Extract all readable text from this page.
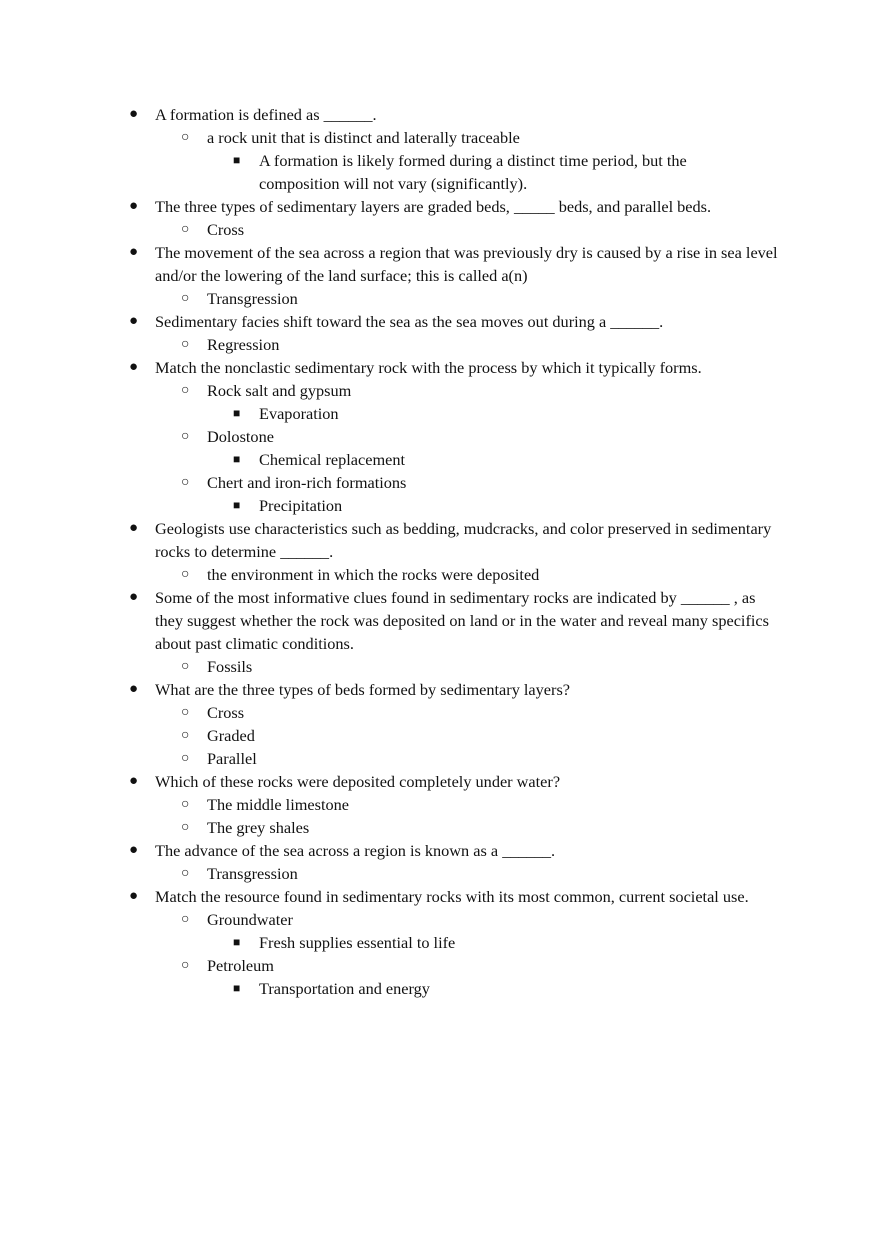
● A formation is defined as ______.
○ a rock unit that is distinct and laterally traceable
■ A formation is likely formed during a distinct time period, but the composition will not vary (significantly).
● The three types of sedimentary layers are graded beds, _____ beds, and parallel beds.
○ Cross
● The movement of the sea across a region that was previously dry is caused by a rise in sea level and/or the lowering of the land surface; this is called a(n)
○ Transgression
● Sedimentary facies shift toward the sea as the sea moves out during a ______.
○ Regression
● Match the nonclastic sedimentary rock with the process by which it typically forms.
○ Rock salt and gypsum
■ Evaporation
○ Dolostone
■ Chemical replacement
○ Chert and iron-rich formations
■ Precipitation
● Geologists use characteristics such as bedding, mudcracks, and color preserved in sedimentary rocks to determine ______.
○ the environment in which the rocks were deposited
● Some of the most informative clues found in sedimentary rocks are indicated by ______ , as they suggest whether the rock was deposited on land or in the water and reveal many specifics about past climatic conditions.
○ Fossils
● What are the three types of beds formed by sedimentary layers?
○ Cross
○ Graded
○ Parallel
● Which of these rocks were deposited completely under water?
○ The middle limestone
○ The grey shales
● The advance of the sea across a region is known as a ______.
○ Transgression
● Match the resource found in sedimentary rocks with its most common, current societal use.
○ Groundwater
■ Fresh supplies essential to life
○ Petroleum
■ Transportation and energy
